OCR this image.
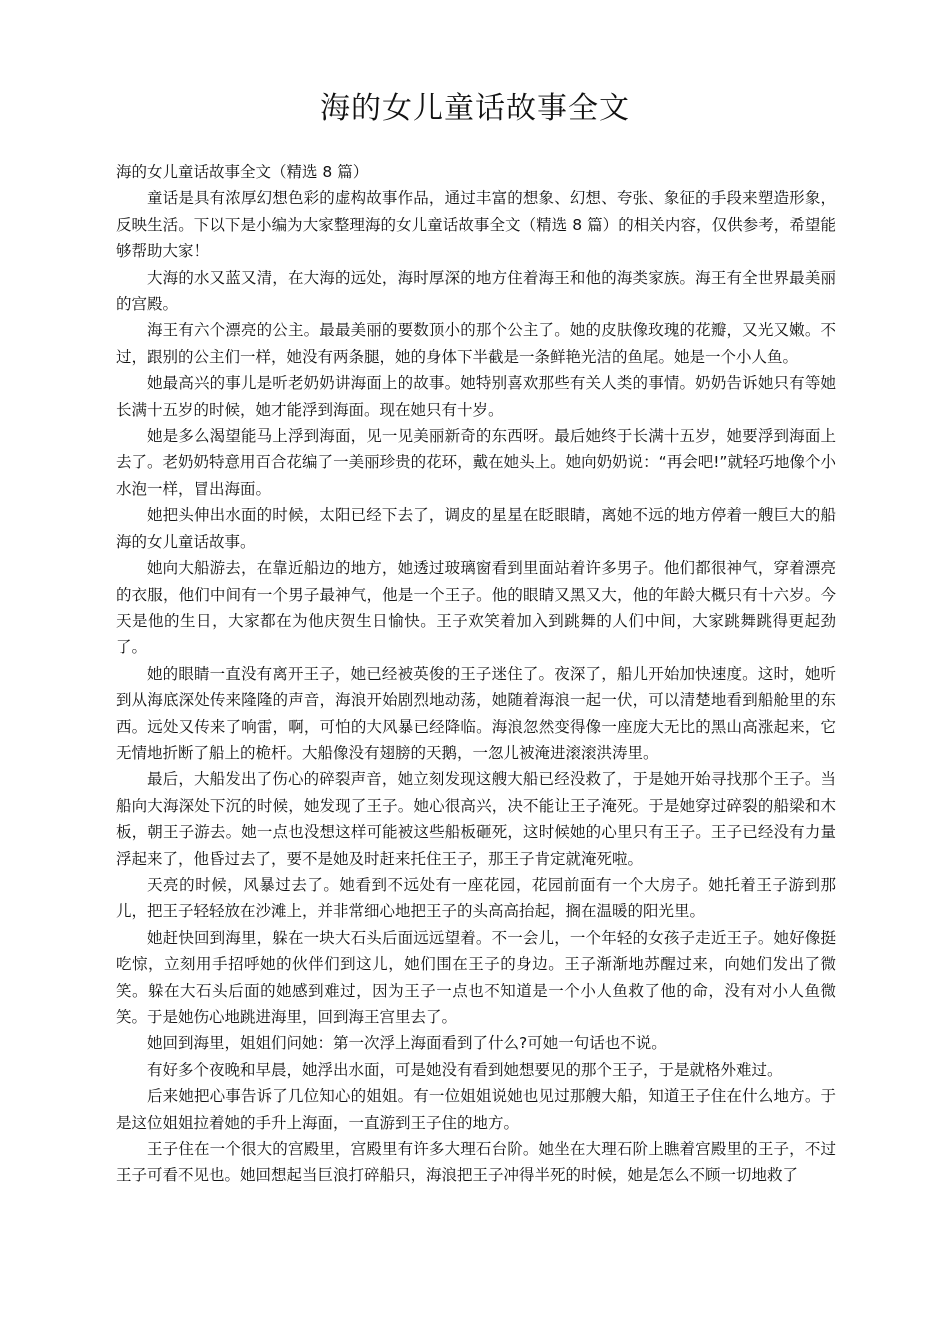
海的女儿童话故事全文

海的女儿童话故事全文（精选 8 篇）

童话是具有浓厚幻想色彩的虚构故事作品，通过丰富的想象、幻想、夸张、象征的手段来塑造形象，反映生活。下以下是小编为大家整理海的女儿童话故事全文（精选 8 篇）的相关内容，仅供参考，希望能够帮助大家！

大海的水又蓝又清，在大海的远处，海时厚深的地方住着海王和他的海类家族。海王有全世界最美丽的宫殿。

海王有六个漂亮的公主。最最美丽的要数顶小的那个公主了。她的皮肤像玫瑰的花瓣，又光又嫩。不过，跟别的公主们一样，她没有两条腿，她的身体下半截是一条鲜艳光洁的鱼尾。她是一个小人鱼。

她最高兴的事儿是听老奶奶讲海面上的故事。她特别喜欢那些有关人类的事情。奶奶告诉她只有等她长满十五岁的时候，她才能浮到海面。现在她只有十岁。

她是多么渴望能马上浮到海面，见一见美丽新奇的东西呀。最后她终于长满十五岁，她要浮到海面上去了。老奶奶特意用百合花编了一美丽珍贵的花环，戴在她头上。她向奶奶说：“再会吧!”就轻巧地像个小水泡一样，冒出海面。

她把头伸出水面的时候，太阳已经下去了，调皮的星星在眨眼睛，离她不远的地方停着一艘巨大的船海的女儿童话故事。

她向大船游去，在靠近船边的地方，她透过玻璃窗看到里面站着许多男子。他们都很神气，穿着漂亮的衣服，他们中间有一个男子最神气，他是一个王子。他的眼睛又黑又大，他的年龄大概只有十六岁。今天是他的生日，大家都在为他庆贺生日愉快。王子欢笑着加入到跳舞的人们中间，大家跳舞跳得更起劲了。

她的眼睛一直没有离开王子，她已经被英俊的王子迷住了。夜深了，船儿开始加快速度。这时，她听到从海底深处传来隆隆的声音，海浪开始剧烈地动荡，她随着海浪一起一伏，可以清楚地看到船舱里的东西。远处又传来了响雷，啊，可怕的大风暴已经降临。海浪忽然变得像一座庞大无比的黑山高涨起来，它无情地折断了船上的桅杆。大船像没有翅膀的天鹅，一忽儿被淹进滚滚洪涛里。

最后，大船发出了伤心的碎裂声音，她立刻发现这艘大船已经没救了，于是她开始寻找那个王子。当船向大海深处下沉的时候，她发现了王子。她心很高兴，决不能让王子淹死。于是她穿过碎裂的船梁和木板，朝王子游去。她一点也没想这样可能被这些船板砸死，这时候她的心里只有王子。王子已经没有力量浮起来了，他昏过去了，要不是她及时赶来托住王子，那王子肯定就淹死啦。

天亮的时候，风暴过去了。她看到不远处有一座花园，花园前面有一个大房子。她托着王子游到那儿，把王子轻轻放在沙滩上，并非常细心地把王子的头高高抬起，搁在温暖的阳光里。

她赶快回到海里，躲在一块大石头后面远远望着。不一会儿，一个年轻的女孩子走近王子。她好像挺吃惊，立刻用手招呼她的伙伴们到这儿，她们围在王子的身边。王子渐渐地苏醒过来，向她们发出了微笑。躲在大石头后面的她感到难过，因为王子一点也不知道是一个小人鱼救了他的命，没有对小人鱼微笑。于是她伤心地跳进海里，回到海王宫里去了。

她回到海里，姐姐们问她：第一次浮上海面看到了什么?可她一句话也不说。

有好多个夜晚和早晨，她浮出水面，可是她没有看到她想要见的那个王子，于是就格外难过。

后来她把心事告诉了几位知心的姐姐。有一位姐姐说她也见过那艘大船，知道王子住在什么地方。于是这位姐姐拉着她的手升上海面，一直游到王子住的地方。

王子住在一个很大的宫殿里，宫殿里有许多大理石台阶。她坐在大理石阶上瞧着宫殿里的王子，不过王子可看不见也。她回想起当巨浪打碎船只，海浪把王子冲得半死的时候，她是怎么不顾一切地救了
